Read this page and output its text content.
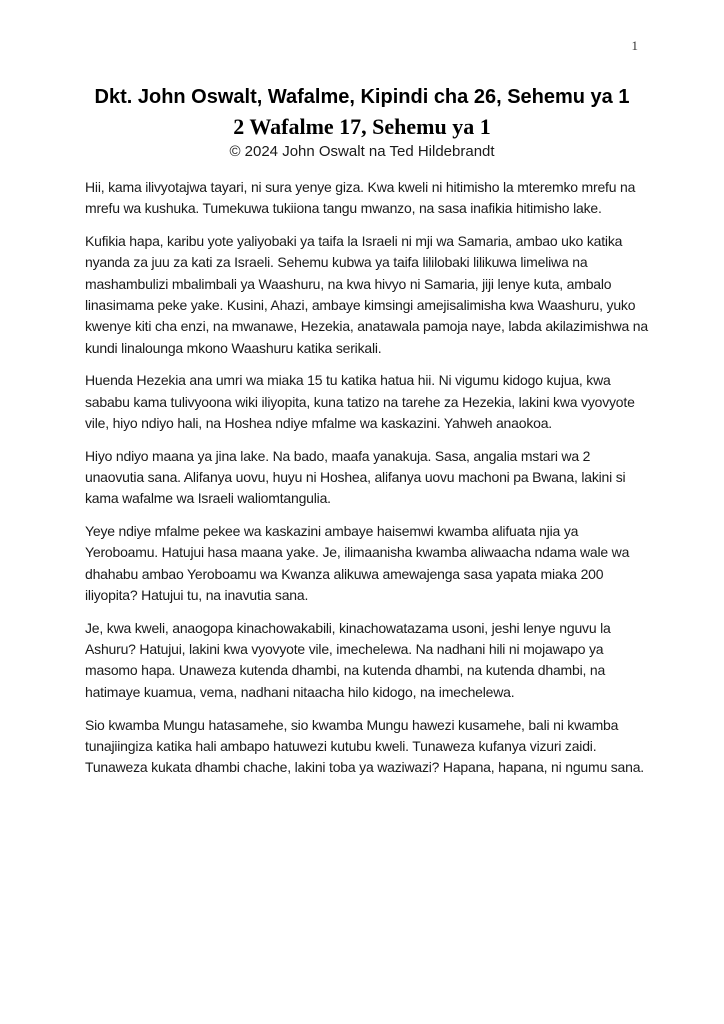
1
Dkt. John Oswalt, Wafalme, Kipindi cha 26, Sehemu ya 1
2 Wafalme 17, Sehemu ya 1
© 2024 John Oswalt na Ted Hildebrandt

Hii, kama ilivyotajwa tayari, ni sura yenye giza. Kwa kweli ni hitimisho la mteremko mrefu na mrefu wa kushuka. Tumekuwa tukiiona tangu mwanzo, na sasa inafikia hitimisho lake.

Kufikia hapa, karibu yote yaliyobaki ya taifa la Israeli ni mji wa Samaria, ambao uko katika nyanda za juu za kati za Israeli. Sehemu kubwa ya taifa lililobaki lilikuwa limeliwa na mashambulizi mbalimbali ya Waashuru, na kwa hivyo ni Samaria, jiji lenye kuta, ambalo linasimama peke yake. Kusini, Ahazi, ambaye kimsingi amejisalimisha kwa Waashuru, yuko kwenye kiti cha enzi, na mwanawe, Hezekia, anatawala pamoja naye, labda akilazimishwa na kundi linalounga mkono Waashuru katika serikali.

Huenda Hezekia ana umri wa miaka 15 tu katika hatua hii. Ni vigumu kidogo kujua, kwa sababu kama tulivyoona wiki iliyopita, kuna tatizo na tarehe za Hezekia, lakini kwa vyovyote vile, hiyo ndiyo hali, na Hoshea ndiye mfalme wa kaskazini. Yahweh anaokoa.

Hiyo ndiyo maana ya jina lake. Na bado, maafa yanakuja. Sasa, angalia mstari wa 2 unaovutia sana. Alifanya uovu, huyu ni Hoshea, alifanya uovu machoni pa Bwana, lakini si kama wafalme wa Israeli waliomtangulia.

Yeye ndiye mfalme pekee wa kaskazini ambaye haisemwi kwamba alifuata njia ya Yeroboamu. Hatujui hasa maana yake. Je, ilimaanisha kwamba aliwaacha ndama wale wa dhahabu ambao Yeroboamu wa Kwanza alikuwa amewajenga sasa yapata miaka 200 iliyopita? Hatujui tu, na inavutia sana.

Je, kwa kweli, anaogopa kinachowakabili, kinachowatazama usoni, jeshi lenye nguvu la Ashuru? Hatujui, lakini kwa vyovyote vile, imechelewa. Na nadhani hili ni mojawapo ya masomo hapa. Unaweza kutenda dhambi, na kutenda dhambi, na kutenda dhambi, na hatimaye kuamua, vema, nadhani nitaacha hilo kidogo, na imechelewa.

Sio kwamba Mungu hatasamehe, sio kwamba Mungu hawezi kusamehe, bali ni kwamba tunajiingiza katika hali ambapo hatuwezi kutubu kweli. Tunaweza kufanya vizuri zaidi. Tunaweza kukata dhambi chache, lakini toba ya waziwazi? Hapana, hapana, ni ngumu sana.
